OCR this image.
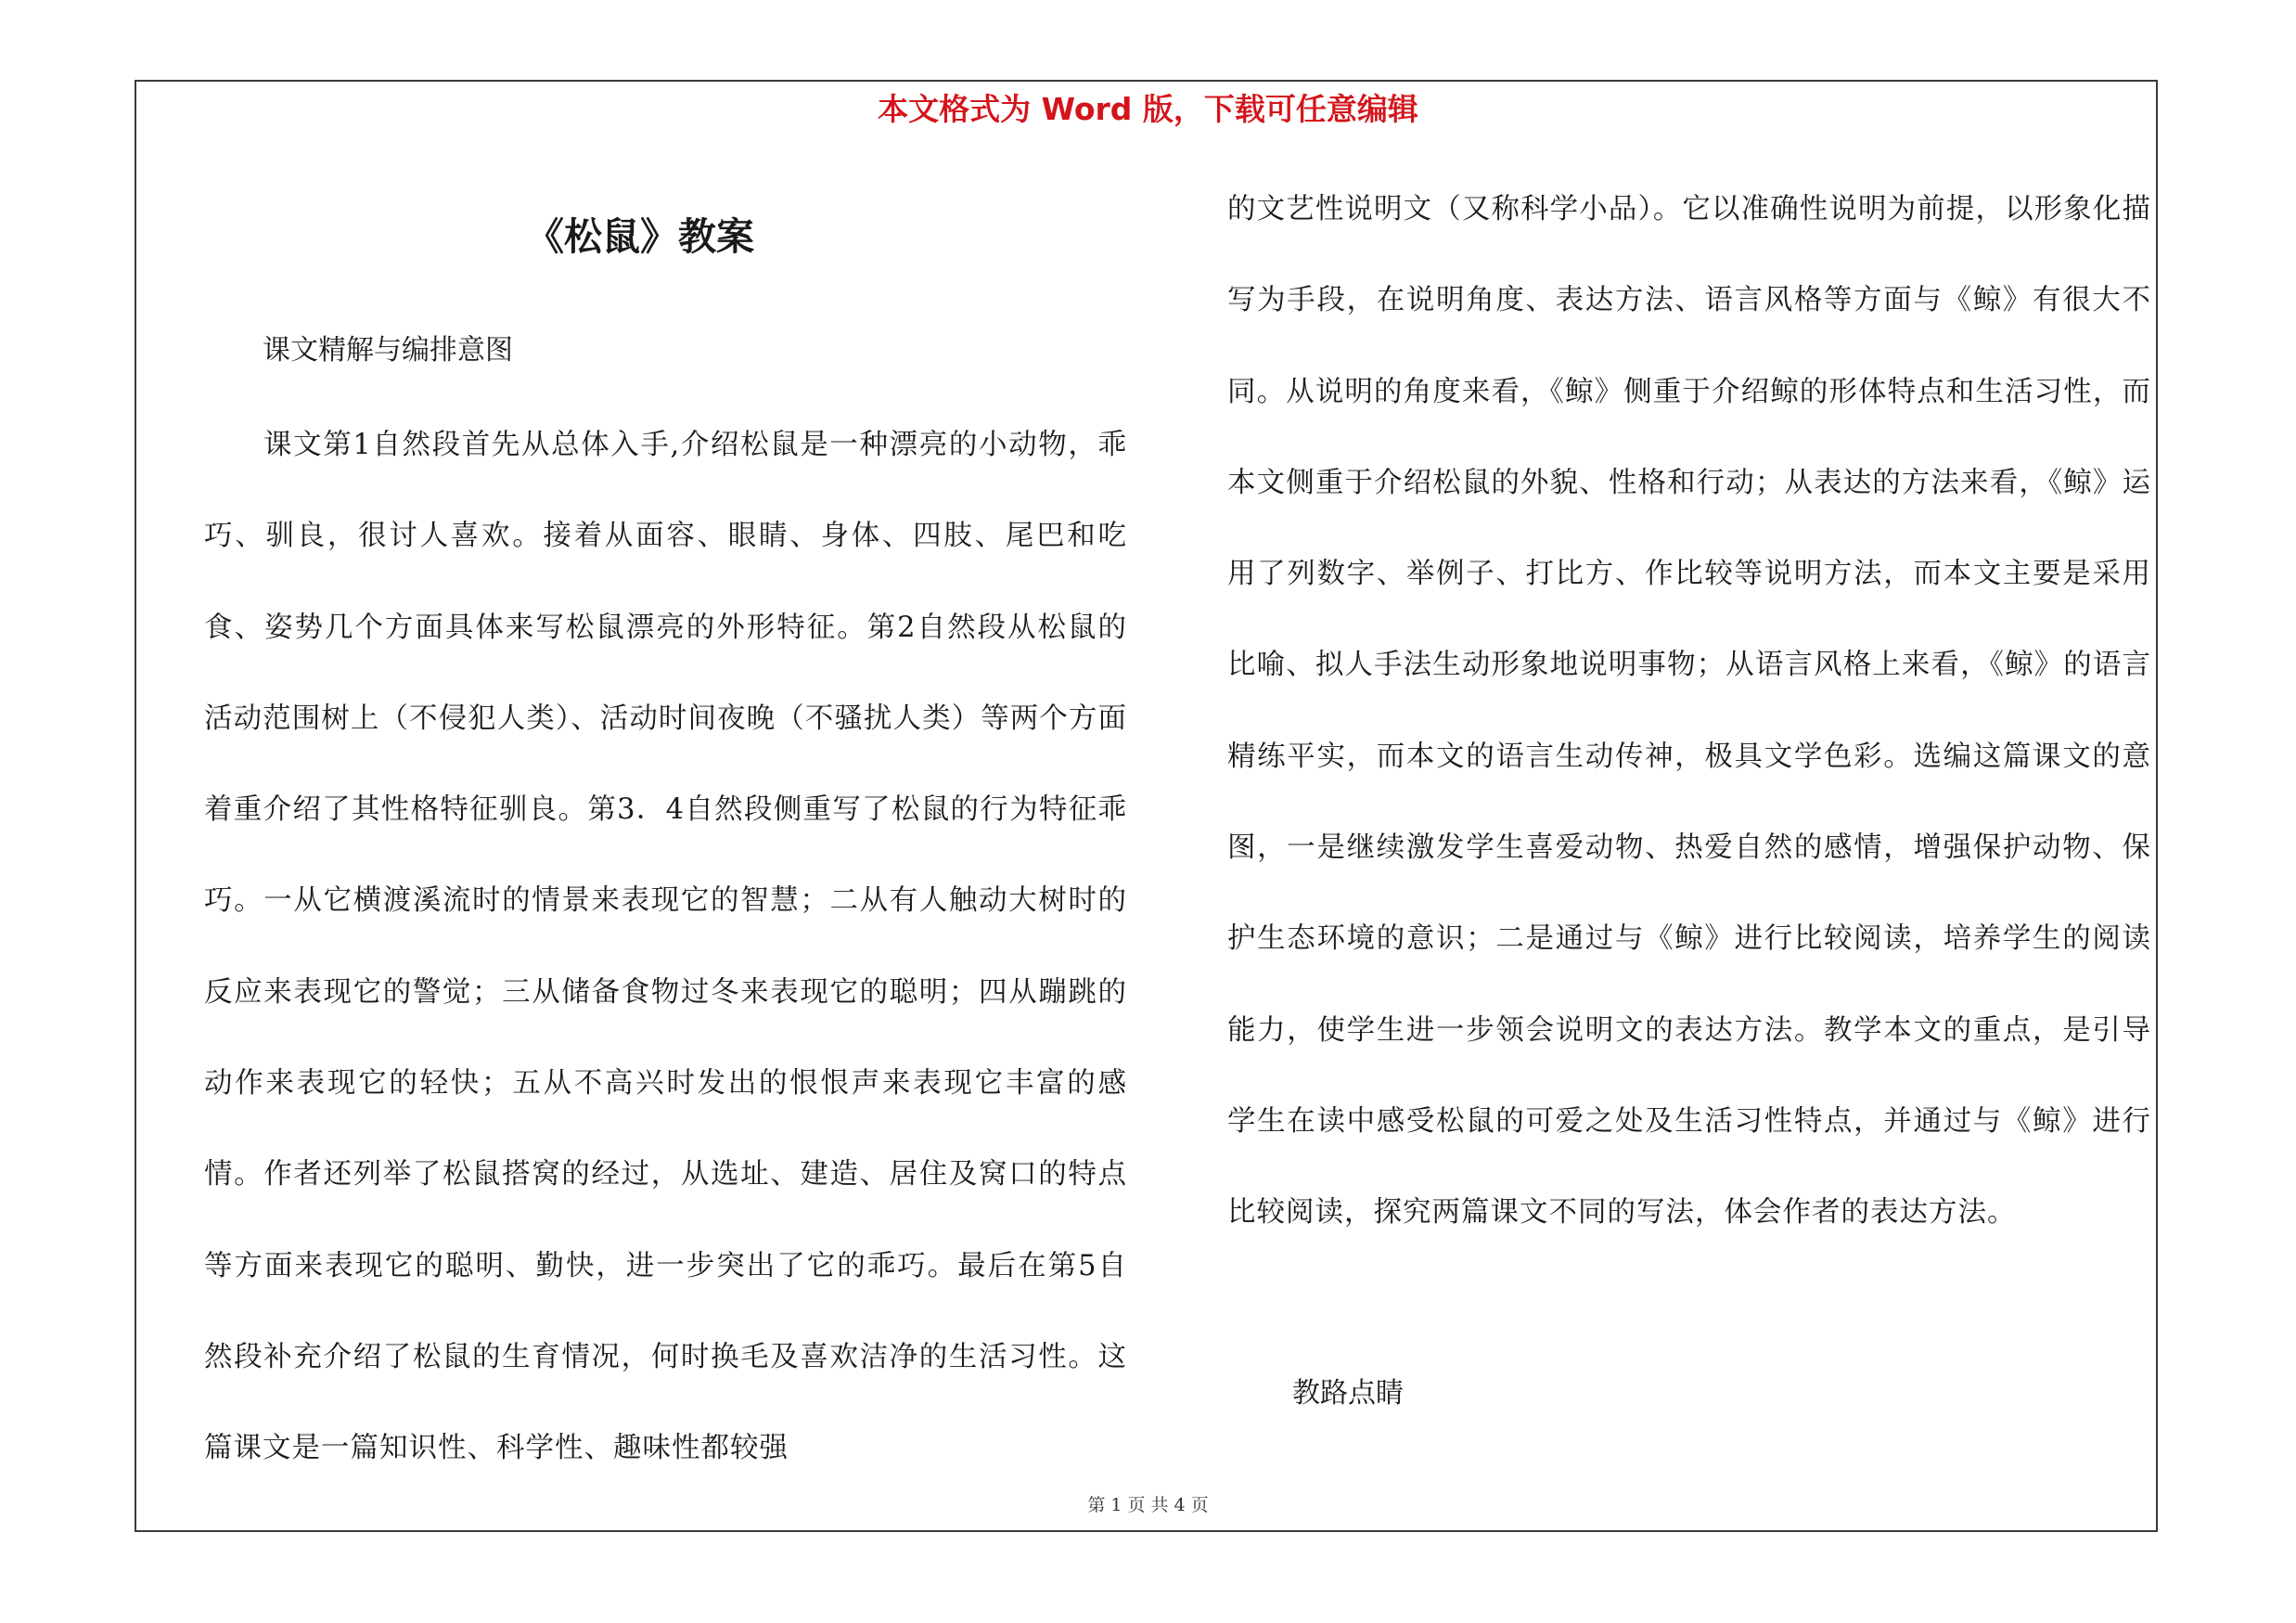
本文格式为 Word 版，下载可任意编辑
《松鼠》教案
课文精解与编排意图

课文第1自然段首先从总体入手,介绍松鼠是一种漂亮的小动物，乖巧、驯良，很讨人喜欢。接着从面容、眼睛、身体、四肢、尾巴和吃食、姿势几个方面具体来写松鼠漂亮的外形特征。第2自然段从松鼠的活动范围树上（不侵犯人类）、活动时间夜晚（不骚扰人类）等两个方面着重介绍了其性格特征驯良。第3．4自然段侧重写了松鼠的行为特征乖巧。一从它横渡溪流时的情景来表现它的智慧；二从有人触动大树时的反应来表现它的警觉；三从储备食物过冬来表现它的聪明；四从蹦跳的动作来表现它的轻快；五从不高兴时发出的恨恨声来表现它丰富的感情。作者还列举了松鼠搭窝的经过，从选址、建造、居住及窝口的特点等方面来表现它的聪明、勤快，进一步突出了它的乖巧。最后在第5自然段补充介绍了松鼠的生育情况，何时换毛及喜欢洁净的生活习性。这篇课文是一篇知识性、科学性、趣味性都较强

的文艺性说明文（又称科学小品）。它以准确性说明为前提，以形象化描写为手段，在说明角度、表达方法、语言风格等方面与《鲸》有很大不同。从说明的角度来看，《鲸》侧重于介绍鲸的形体特点和生活习性，而本文侧重于介绍松鼠的外貌、性格和行动；从表达的方法来看，《鲸》运用了列数字、举例子、打比方、作比较等说明方法，而本文主要是采用比喻、拟人手法生动形象地说明事物；从语言风格上来看，《鲸》的语言精练平实，而本文的语言生动传神，极具文学色彩。选编这篇课文的意图，一是继续激发学生喜爱动物、热爱自然的感情，增强保护动物、保护生态环境的意识；二是通过与《鲸》进行比较阅读，培养学生的阅读能力，使学生进一步领会说明文的表达方法。教学本文的重点，是引导学生在读中感受松鼠的可爱之处及生活习性特点，并通过与《鲸》进行比较阅读，探究两篇课文不同的写法，体会作者的表达方法。

教路点睛
第 1 页 共 4 页
